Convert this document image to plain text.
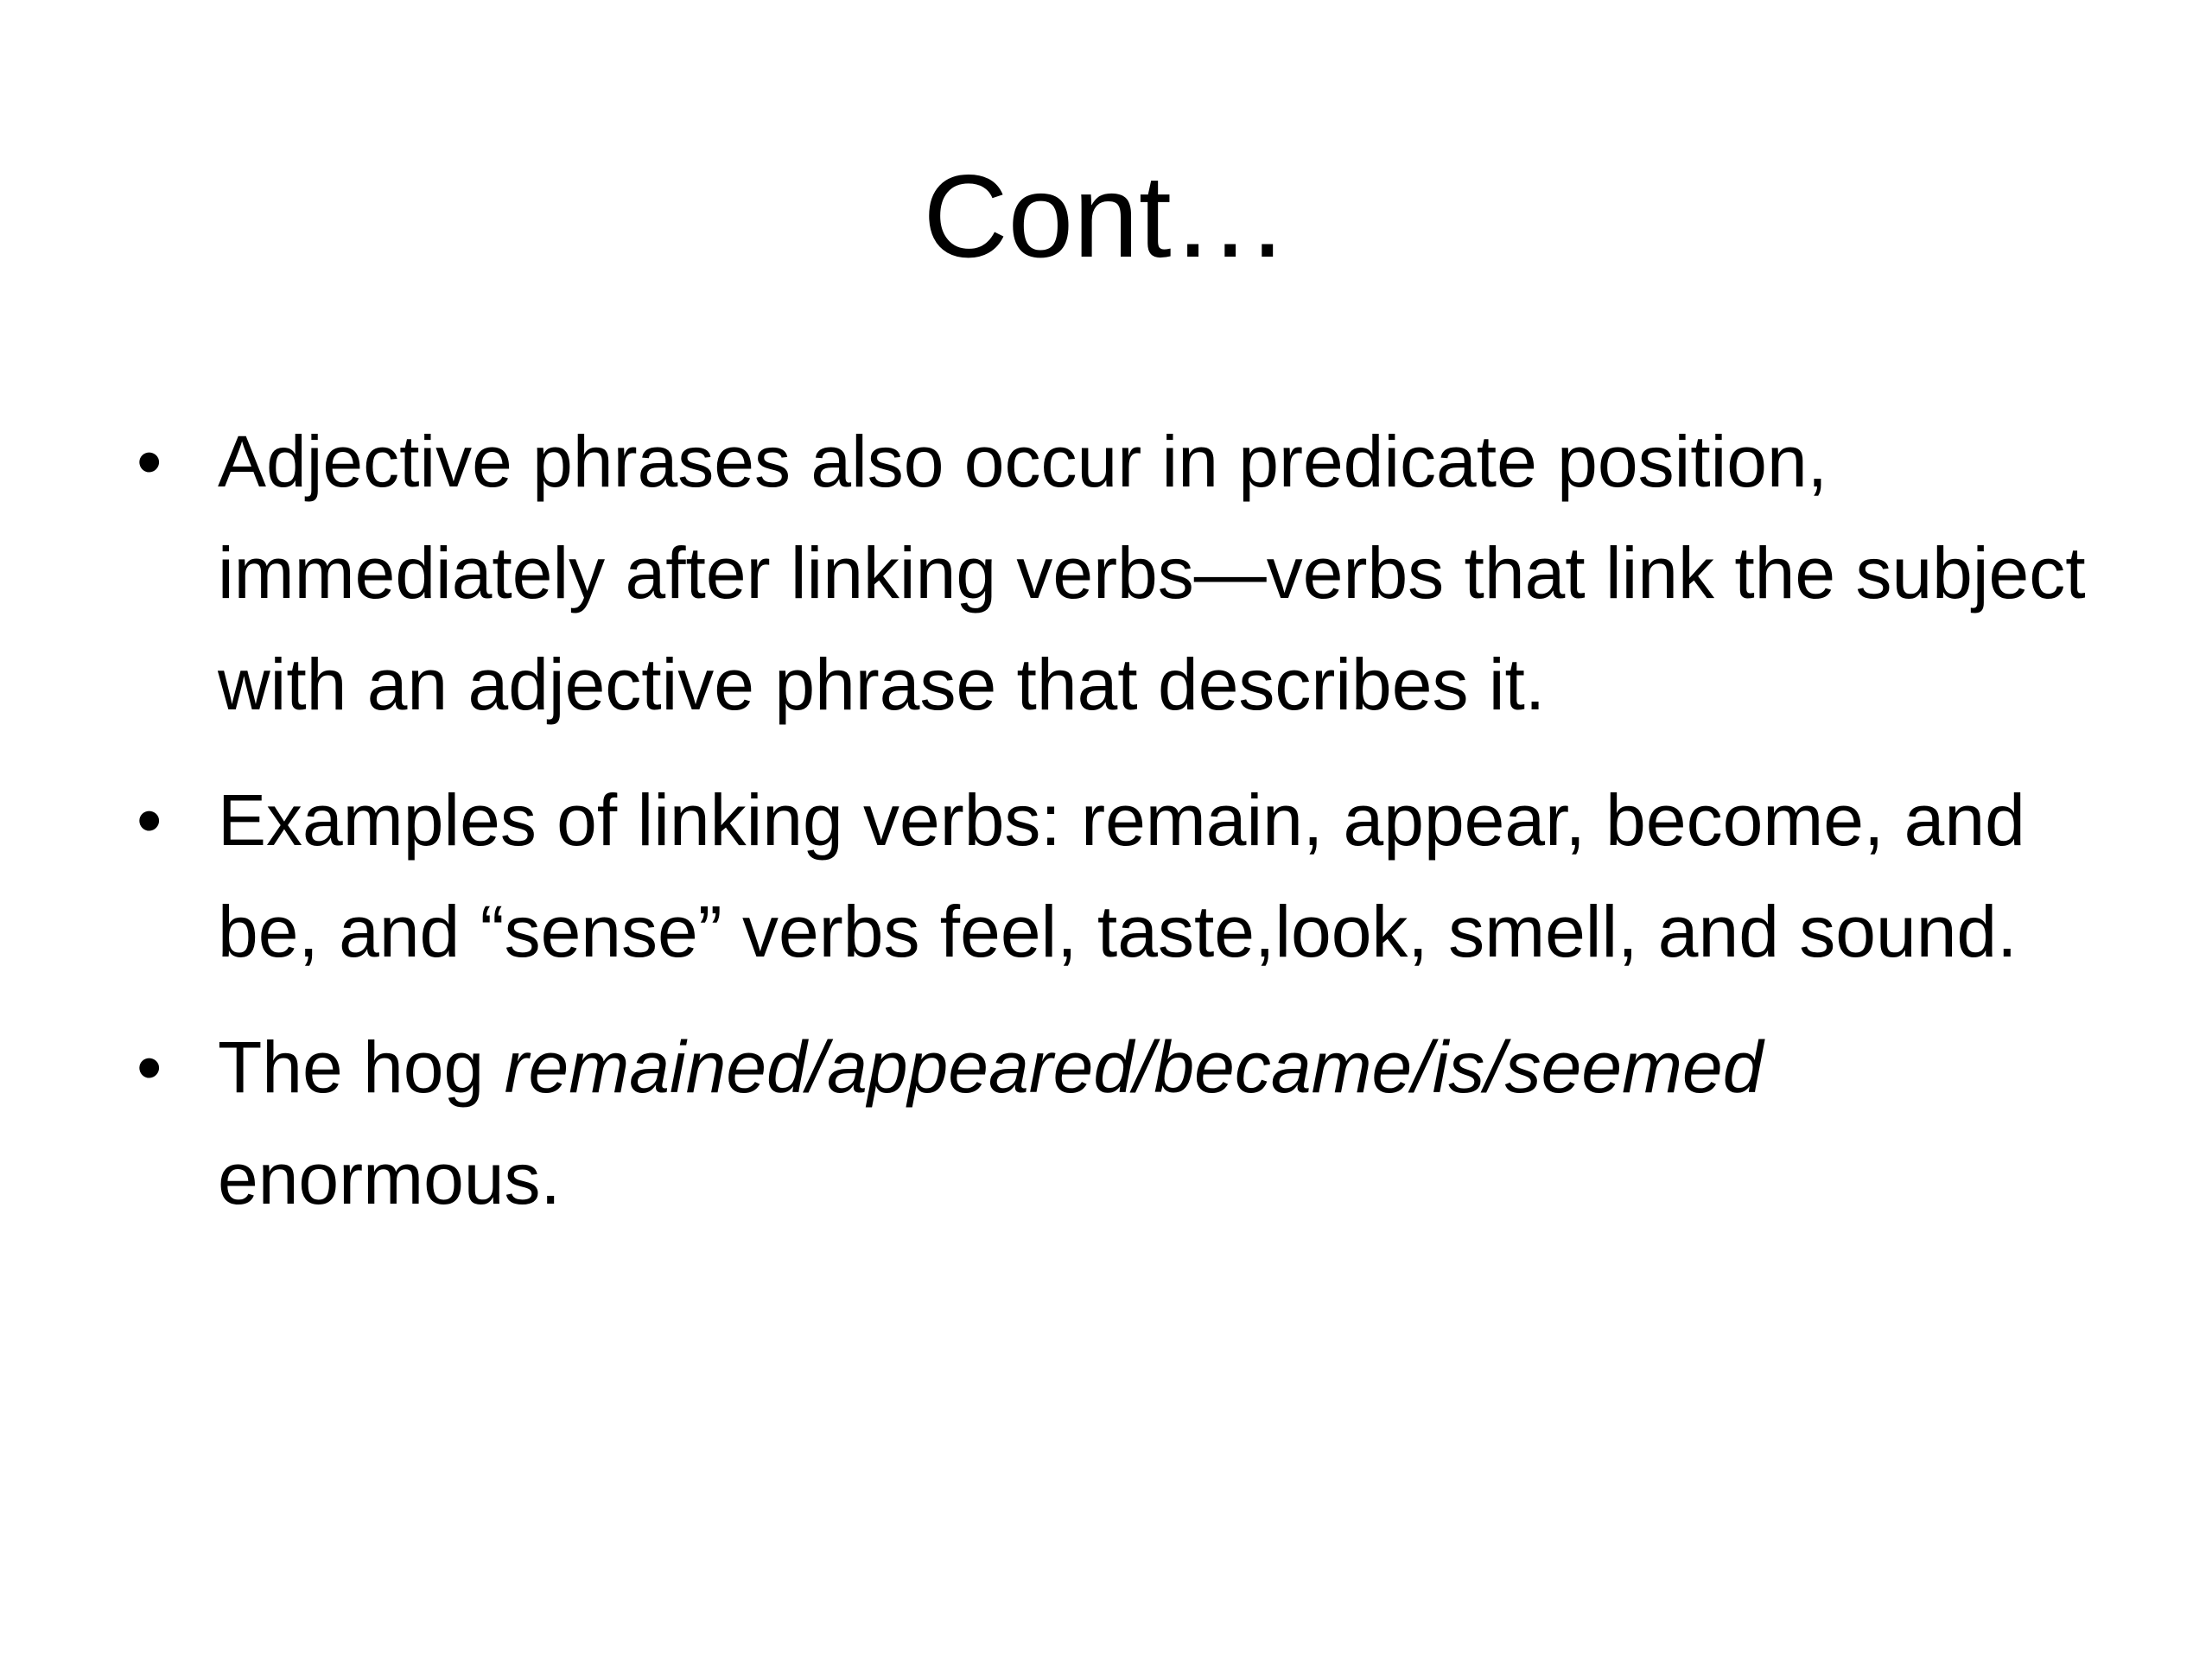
Cont…
• Adjective phrases also occur in predicate position, immediately after linking verbs—verbs that link the subject with an adjective phrase that describes it.
• Examples of linking verbs: remain, appear, become, and be, and “sense” verbs feel, taste,look, smell, and sound.
• The hog remained/appeared/became/is/seemed enormous.
